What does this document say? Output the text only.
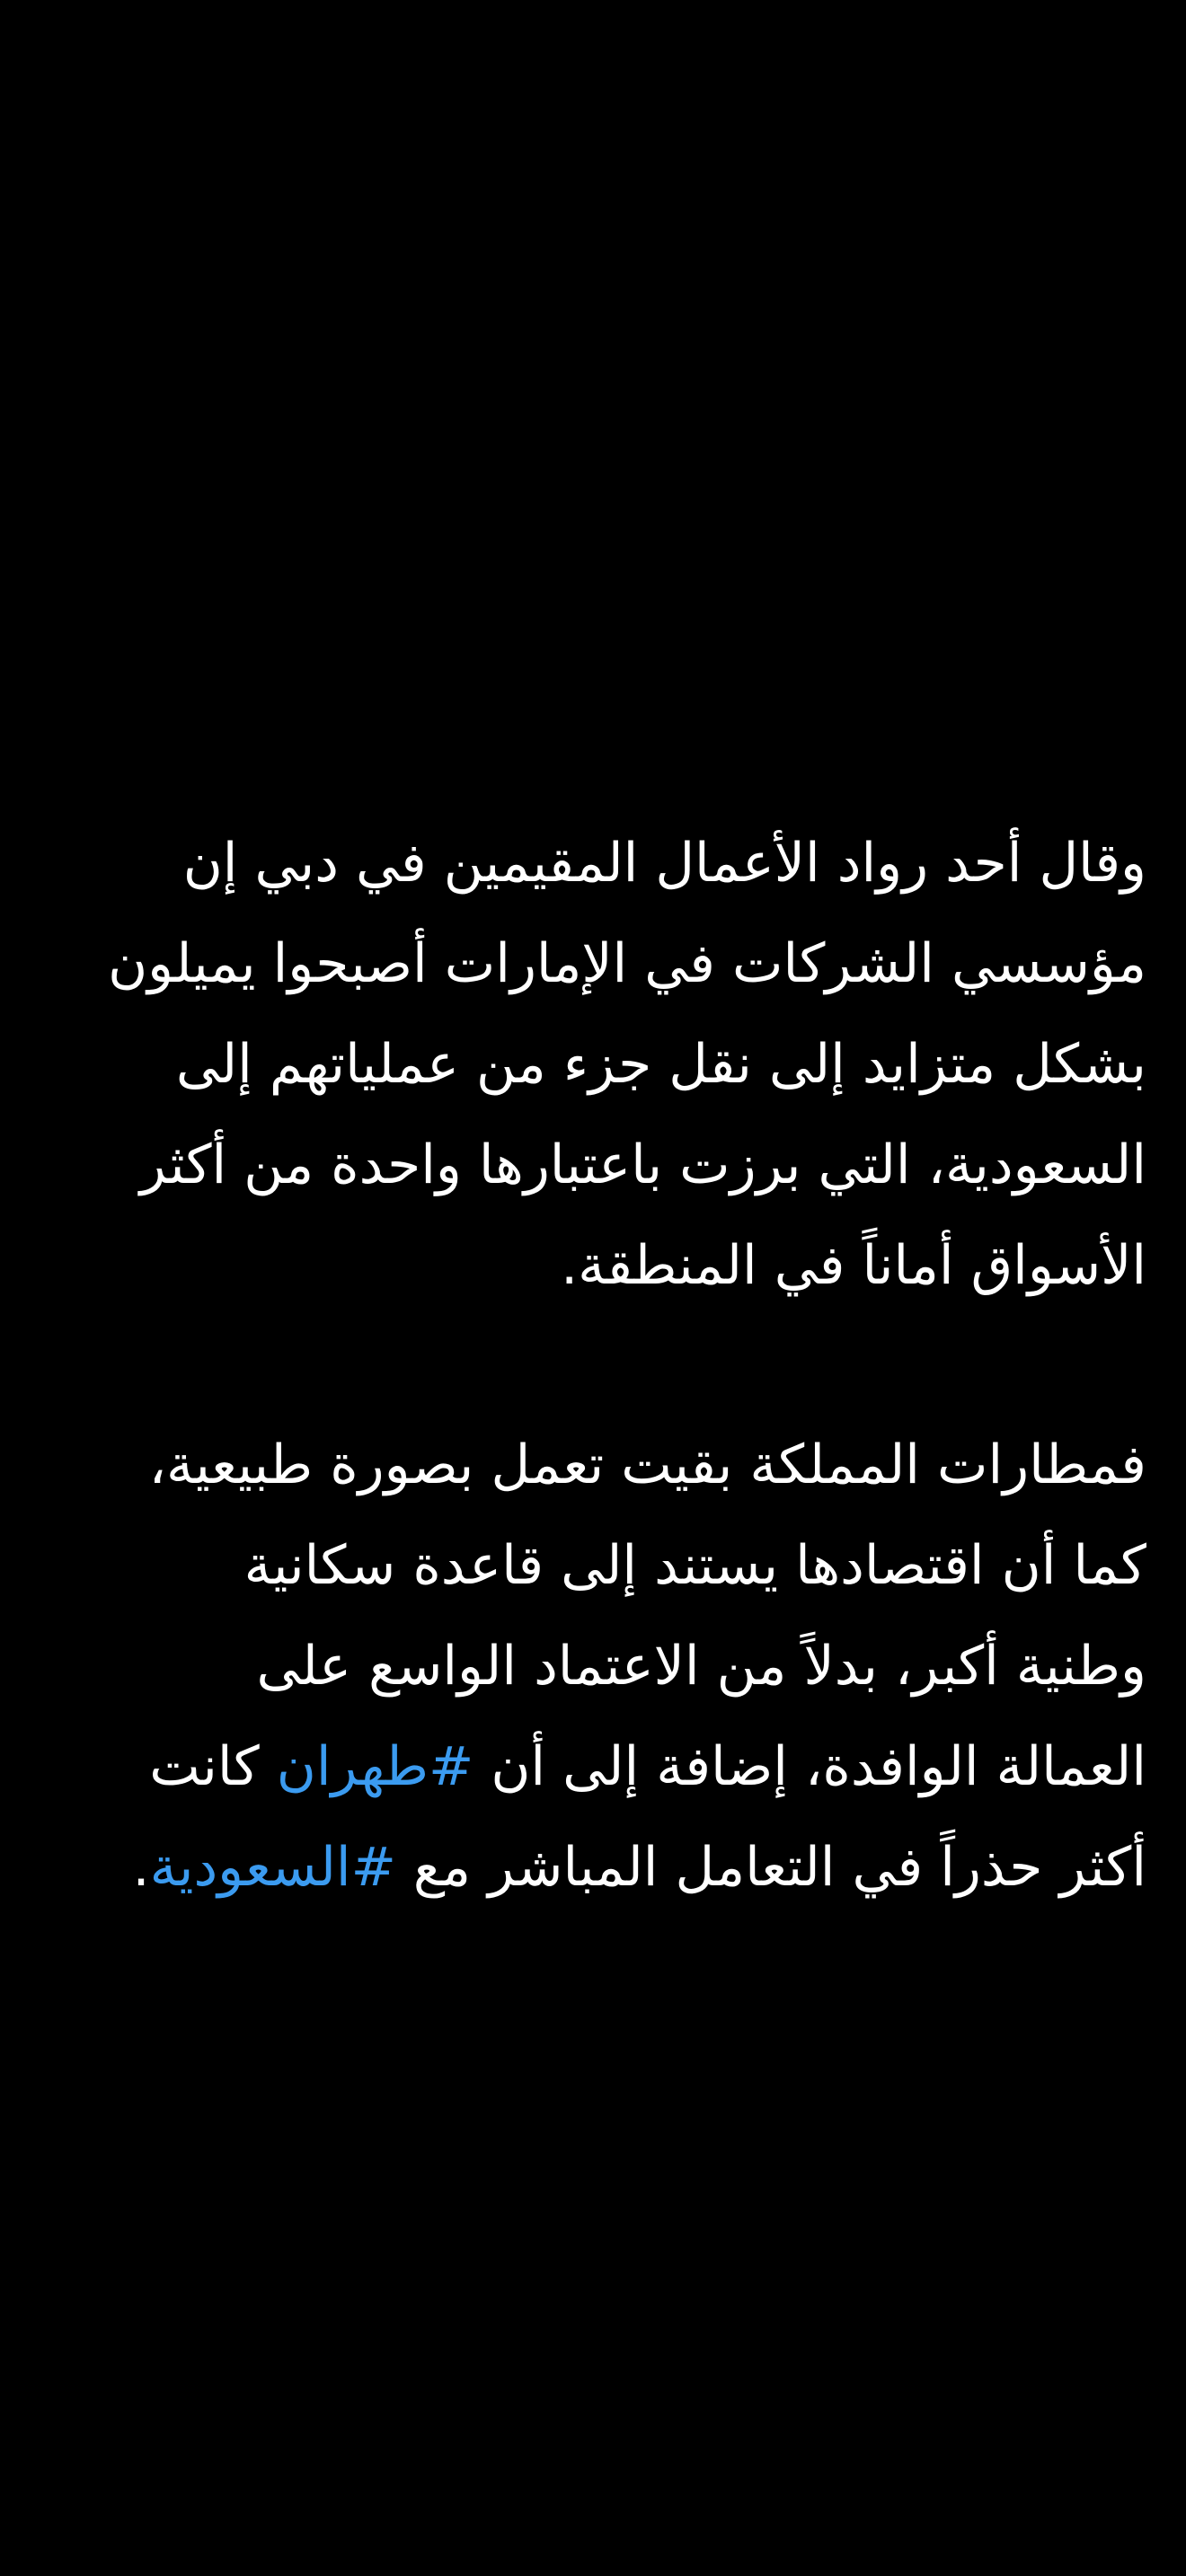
وقال أحد رواد الأعمال المقيمين في دبي إن
مؤسسي الشركات في الإمارات أصبحوا يميلون
بشكل متزايد إلى نقل جزء من عملياتهم إلى
السعودية، التي برزت باعتبارها واحدة من أكثر
الأسواق أماناً في المنطقة.

فمطارات المملكة بقيت تعمل بصورة طبيعية،
كما أن اقتصادها يستند إلى قاعدة سكانية
وطنية أكبر، بدلاً من الاعتماد الواسع على
العمالة الوافدة، إضافة إلى أن #طهران كانت
أكثر حذراً في التعامل المباشر مع #السعودية.
